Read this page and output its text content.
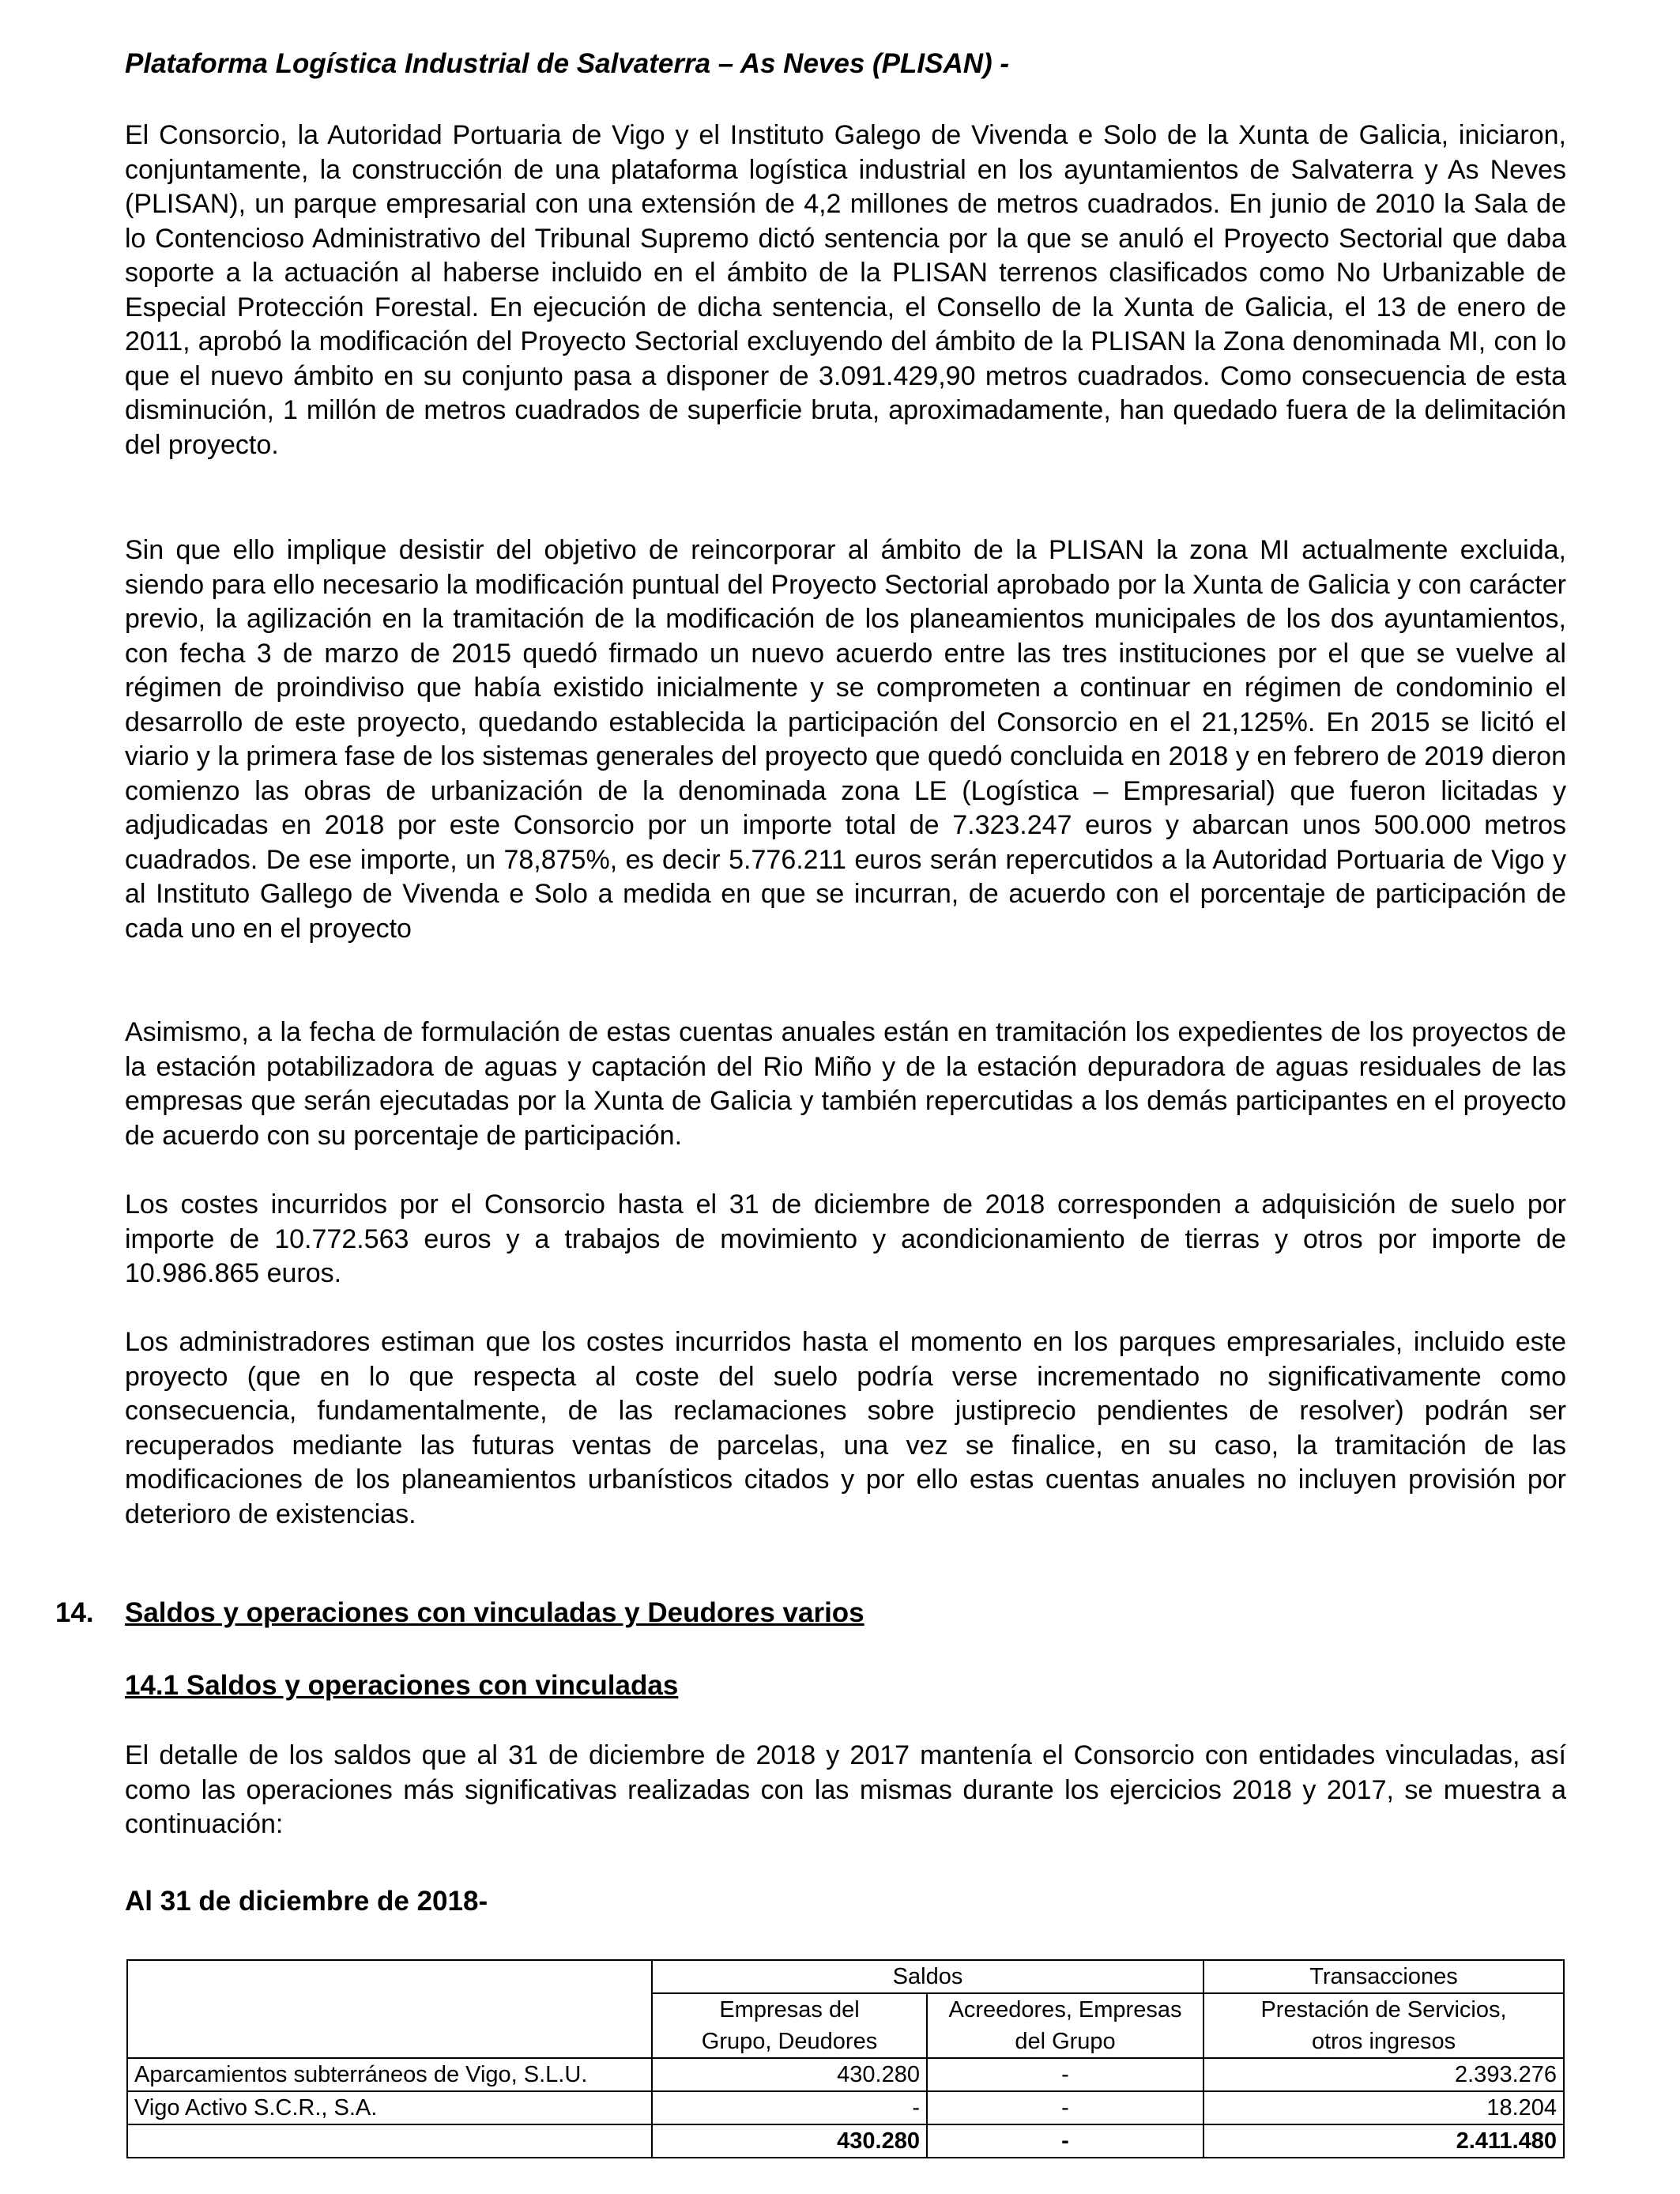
Plataforma Logística Industrial de Salvaterra – As Neves (PLISAN) -

El Consorcio, la Autoridad Portuaria de Vigo y el Instituto Galego de Vivenda e Solo de la Xunta de Galicia, iniciaron, conjuntamente, la construcción de una plataforma logística industrial en los ayuntamientos de Salvaterra y As Neves (PLISAN), un parque empresarial con una extensión de 4,2 millones de metros cuadrados. En junio de 2010 la Sala de lo Contencioso Administrativo del Tribunal Supremo dictó sentencia por la que se anuló el Proyecto Sectorial que daba soporte a la actuación al haberse incluido en el ámbito de la PLISAN terrenos clasificados como No Urbanizable de Especial Protección Forestal. En ejecución de dicha sentencia, el Consello de la Xunta de Galicia, el 13 de enero de 2011, aprobó la modificación del Proyecto Sectorial excluyendo del ámbito de la PLISAN la Zona denominada MI, con lo que el nuevo ámbito en su conjunto pasa a disponer de 3.091.429,90 metros cuadrados. Como consecuencia de esta disminución, 1 millón de metros cuadrados de superficie bruta, aproximadamente, han quedado fuera de la delimitación del proyecto.

Sin que ello implique desistir del objetivo de reincorporar al ámbito de la PLISAN la zona MI actualmente excluida, siendo para ello necesario la modificación puntual del Proyecto Sectorial aprobado por la Xunta de Galicia y con carácter previo, la agilización en la tramitación de la modificación de los planeamientos municipales de los dos ayuntamientos, con fecha 3 de marzo de 2015 quedó firmado un nuevo acuerdo entre las tres instituciones por el que se vuelve al régimen de proindiviso que había existido inicialmente y se comprometen a continuar en régimen de condominio el desarrollo de este proyecto, quedando establecida la participación del Consorcio en el 21,125%. En 2015 se licitó el viario y la primera fase de los sistemas generales del proyecto que quedó concluida en 2018 y en febrero de 2019 dieron comienzo las obras de urbanización de la denominada zona LE (Logística – Empresarial) que fueron licitadas y adjudicadas en 2018 por este Consorcio por un importe total de 7.323.247 euros y abarcan unos 500.000 metros cuadrados. De ese importe, un 78,875%, es decir 5.776.211 euros serán repercutidos a la Autoridad Portuaria de Vigo y al Instituto Gallego de Vivenda e Solo a medida en que se incurran, de acuerdo con el porcentaje de participación de cada uno en el proyecto

Asimismo, a la fecha de formulación de estas cuentas anuales están en tramitación los expedientes de los proyectos de la estación potabilizadora de aguas y captación del Rio Miño y de la estación depuradora de aguas residuales de las empresas que serán ejecutadas por la Xunta de Galicia y también repercutidas a los demás participantes en el proyecto de acuerdo con su porcentaje de participación.

Los costes incurridos por el Consorcio hasta el 31 de diciembre de 2018 corresponden a adquisición de suelo por importe de 10.772.563 euros y a trabajos de movimiento y acondicionamiento de tierras y otros por importe de 10.986.865 euros.

Los administradores estiman que los costes incurridos hasta el momento en los parques empresariales, incluido este proyecto (que en lo que respecta al coste del suelo podría verse incrementado no significativamente como consecuencia, fundamentalmente, de las reclamaciones sobre justiprecio pendientes de resolver) podrán ser recuperados mediante las futuras ventas de parcelas, una vez se finalice, en su caso, la tramitación de las modificaciones de los planeamientos urbanísticos citados y por ello estas cuentas anuales no incluyen provisión por deterioro de existencias.

14. Saldos y operaciones con vinculadas y Deudores varios
14.1 Saldos y operaciones con vinculadas

El detalle de los saldos que al 31 de diciembre de 2018 y 2017 mantenía el Consorcio con entidades vinculadas, así como las operaciones más significativas realizadas con las mismas durante los ejercicios 2018 y 2017, se muestra a continuación:

Al 31 de diciembre de 2018-
	Saldos		Transacciones
	Empresas del	Acreedores, Empresas	Prestación de Servicios,
	Grupo, Deudores	del Grupo	otros ingresos
Aparcamientos subterráneos de Vigo, S.L.U.	430.280	-	2.393.276
Vigo Activo S.C.R., S.A.	-	-	18.204
	430.280	-	2.411.480
